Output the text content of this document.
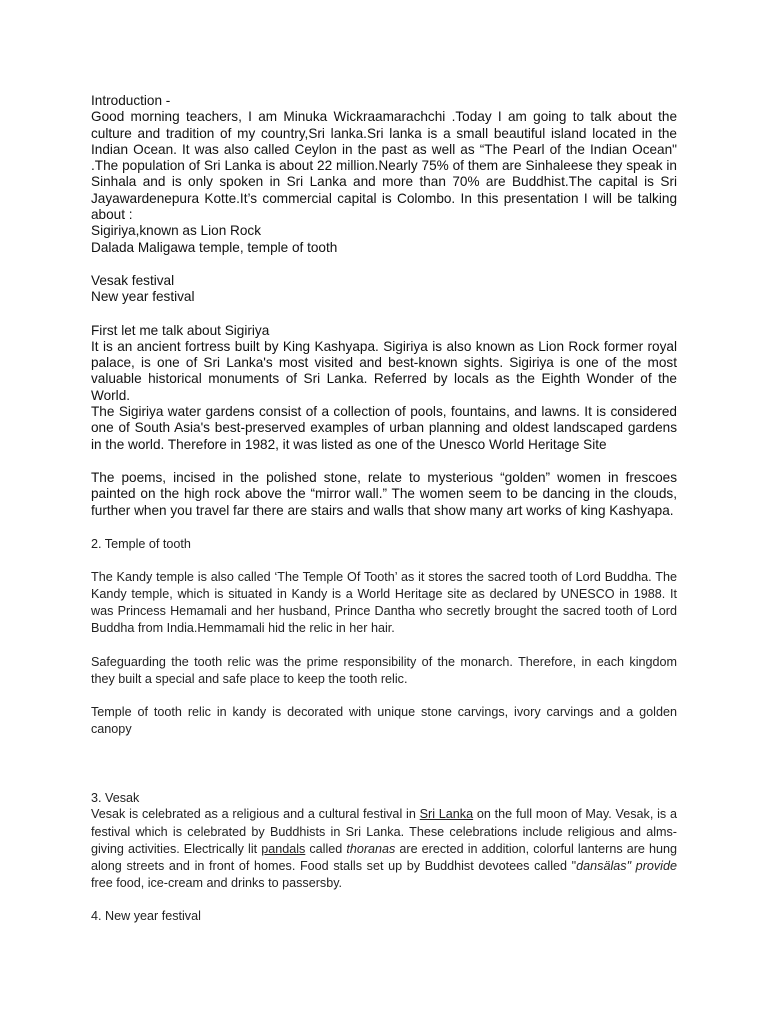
Introduction -

Good morning teachers, I am Minuka Wickraamarachchi .Today I am going to talk about the culture and tradition of my country,Sri lanka.Sri lanka is a small beautiful island located in the Indian Ocean. It was also called Ceylon in the past as well as “The Pearl of the Indian Ocean" .The population of Sri Lanka is about 22 million.Nearly 75% of them are Sinhaleese they speak in Sinhala and is only spoken in Sri Lanka and more than 70% are Buddhist.The capital is Sri Jayawardenepura Kotte.It’s commercial capital is Colombo. In this presentation I will be talking about :

Sigiriya,known as Lion Rock

Dalada Maligawa temple, temple of tooth

Vesak festival

New year festival

First let me talk about Sigiriya

It is an ancient fortress built by King Kashyapa. Sigiriya is also known as Lion Rock former royal palace, is one of Sri Lanka's most visited and best-known sights. Sigiriya is one of the most valuable historical monuments of Sri Lanka. Referred by locals as the Eighth Wonder of the World.

The Sigiriya water gardens consist of a collection of pools, fountains, and lawns. It is considered one of South Asia's best-preserved examples of urban planning and oldest landscaped gardens in the world. Therefore in 1982, it was listed as one of the Unesco World Heritage Site

The poems, incised in the polished stone, relate to mysterious “golden” women in frescoes painted on the high rock above the “mirror wall.” The women seem to be dancing in the clouds, further when you travel far there are stairs and walls that show many art works of king Kashyapa.

2. Temple of tooth

The Kandy temple is also called ‘The Temple Of Tooth’ as it stores the sacred tooth of Lord Buddha. The Kandy temple, which is situated in Kandy is a World Heritage site as declared by UNESCO in 1988. It was Princess Hemamali and her husband, Prince Dantha who secretly brought the sacred tooth of Lord Buddha from India.Hemmamali hid the relic in her hair.

Safeguarding the tooth relic was the prime responsibility of the monarch. Therefore, in each kingdom they built a special and safe place to keep the tooth relic.

Temple of tooth relic in kandy is decorated with unique stone carvings, ivory carvings and a golden canopy

3. Vesak

Vesak is celebrated as a religious and a cultural festival in Sri Lanka on the full moon of May. Vesak, is a festival which is celebrated by Buddhists in Sri Lanka. These celebrations include religious and alms-giving activities. Electrically lit pandals called thoranas are erected in addition, colorful lanterns are hung along streets and in front of homes. Food stalls set up by Buddhist devotees called "dansälas" provide free food, ice-cream and drinks to passersby.

4. New year festival
